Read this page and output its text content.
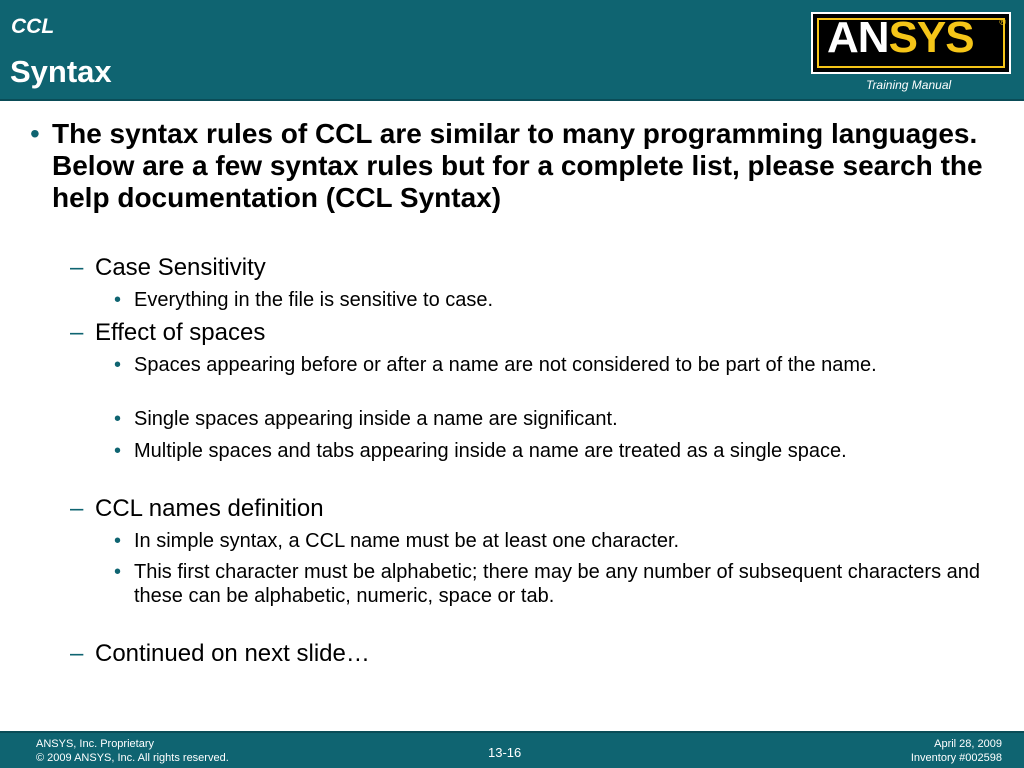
CCL
Syntax
ANSYS	®
Training Manual
• The syntax rules of CCL are similar to many programming languages. Below are a few syntax rules but for a complete list, please search the help documentation (CCL Syntax)
– Case Sensitivity
• Everything in the file is sensitive to case.
– Effect of spaces
• Spaces appearing before or after a name are not considered to be part of the name.
• Single spaces appearing inside a name are significant.
• Multiple spaces and tabs appearing inside a name are treated as a single space.
– CCL names definition
• In simple syntax, a CCL name must be at least one character.
• This first character must be alphabetic; there may be any number of subsequent characters and these can be alphabetic, numeric, space or tab.
– Continued on next slide…
ANSYS, Inc. Proprietary
© 2009 ANSYS, Inc. All rights reserved.	13-16
April 28, 2009
Inventory #002598
